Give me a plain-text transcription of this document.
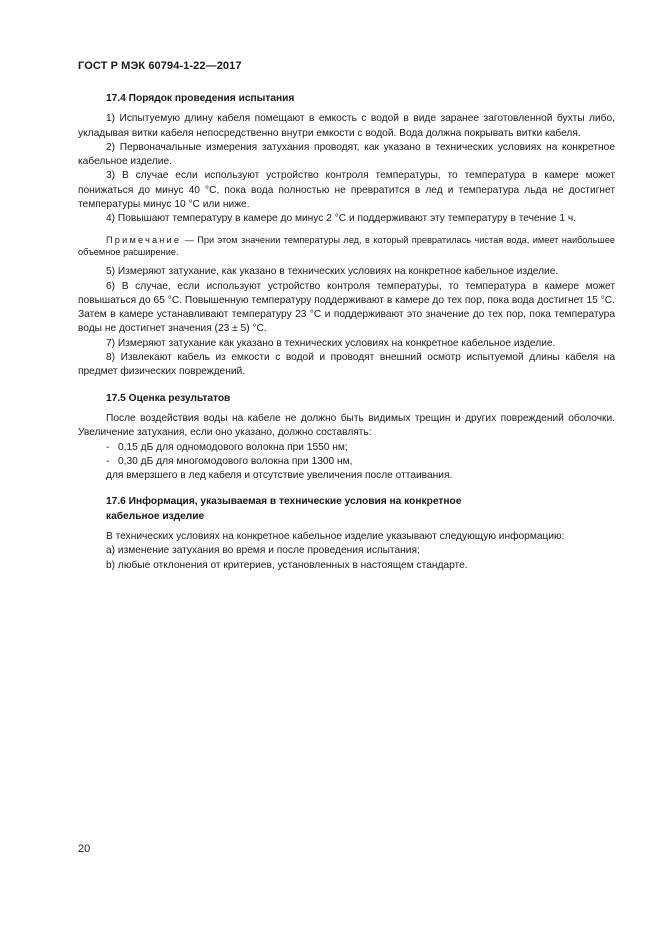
ГОСТ Р МЭК 60794-1-22—2017

17.4 Порядок проведения испытания

1) Испытуемую длину кабеля помещают в емкость с водой в виде заранее заготовленной бухты либо, укладывая витки кабеля непосредственно внутри емкости с водой. Вода должна покрывать витки кабеля.

2) Первоначальные измерения затухания проводят, как указано в технических условиях на конкретное кабельное изделие.

3) В случае если используют устройство контроля температуры, то температура в камере может понижаться до минус 40 °С, пока вода полностью не превратится в лед и температура льда не достигнет температуры минус 10 °С или ниже.

4) Повышают температуру в камере до минус 2 °С и поддерживают эту температуру в течение 1 ч.

Примечание — При этом значении температуры лед, в который превратилась чистая вода, имеет наибольшее объемное расширение.

5) Измеряют затухание, как указано в технических условиях на конкретное кабельное изделие.

6) В случае, если используют устройство контроля температуры, то температура в камере может повышаться до 65 °С. Повышенную температуру поддерживают в камере до тех пор, пока вода достигнет 15 °С. Затем в камере устанавливают температуру 23 °С и поддерживают это значение до тех пор, пока температура воды не достигнет значения (23 ± 5) °С.

7) Измеряют затухание как указано в технических условиях на конкретное кабельное изделие.

8) Извлекают кабель из емкости с водой и проводят внешний осмотр испытуемой длины кабеля на предмет физических повреждений.

17.5 Оценка результатов

После воздействия воды на кабеле не должно быть видимых трещин и других повреждений оболочки. Увеличение затухания, если оно указано, должно составлять:

- 0,15 дБ для одномодового волокна при 1550 нм;

- 0,30 дБ для многомодового волокна при 1300 нм,

для вмерзшего в лед кабеля и отсутствие увеличения после оттаивания.

17.6 Информация, указываемая в технические условия на конкретное

кабельное изделие

В технических условиях на конкретное кабельное изделие указывают следующую информацию:

а) изменение затухания во время и после проведения испытания;

b) любые отклонения от критериев, установленных в настоящем стандарте.

20
